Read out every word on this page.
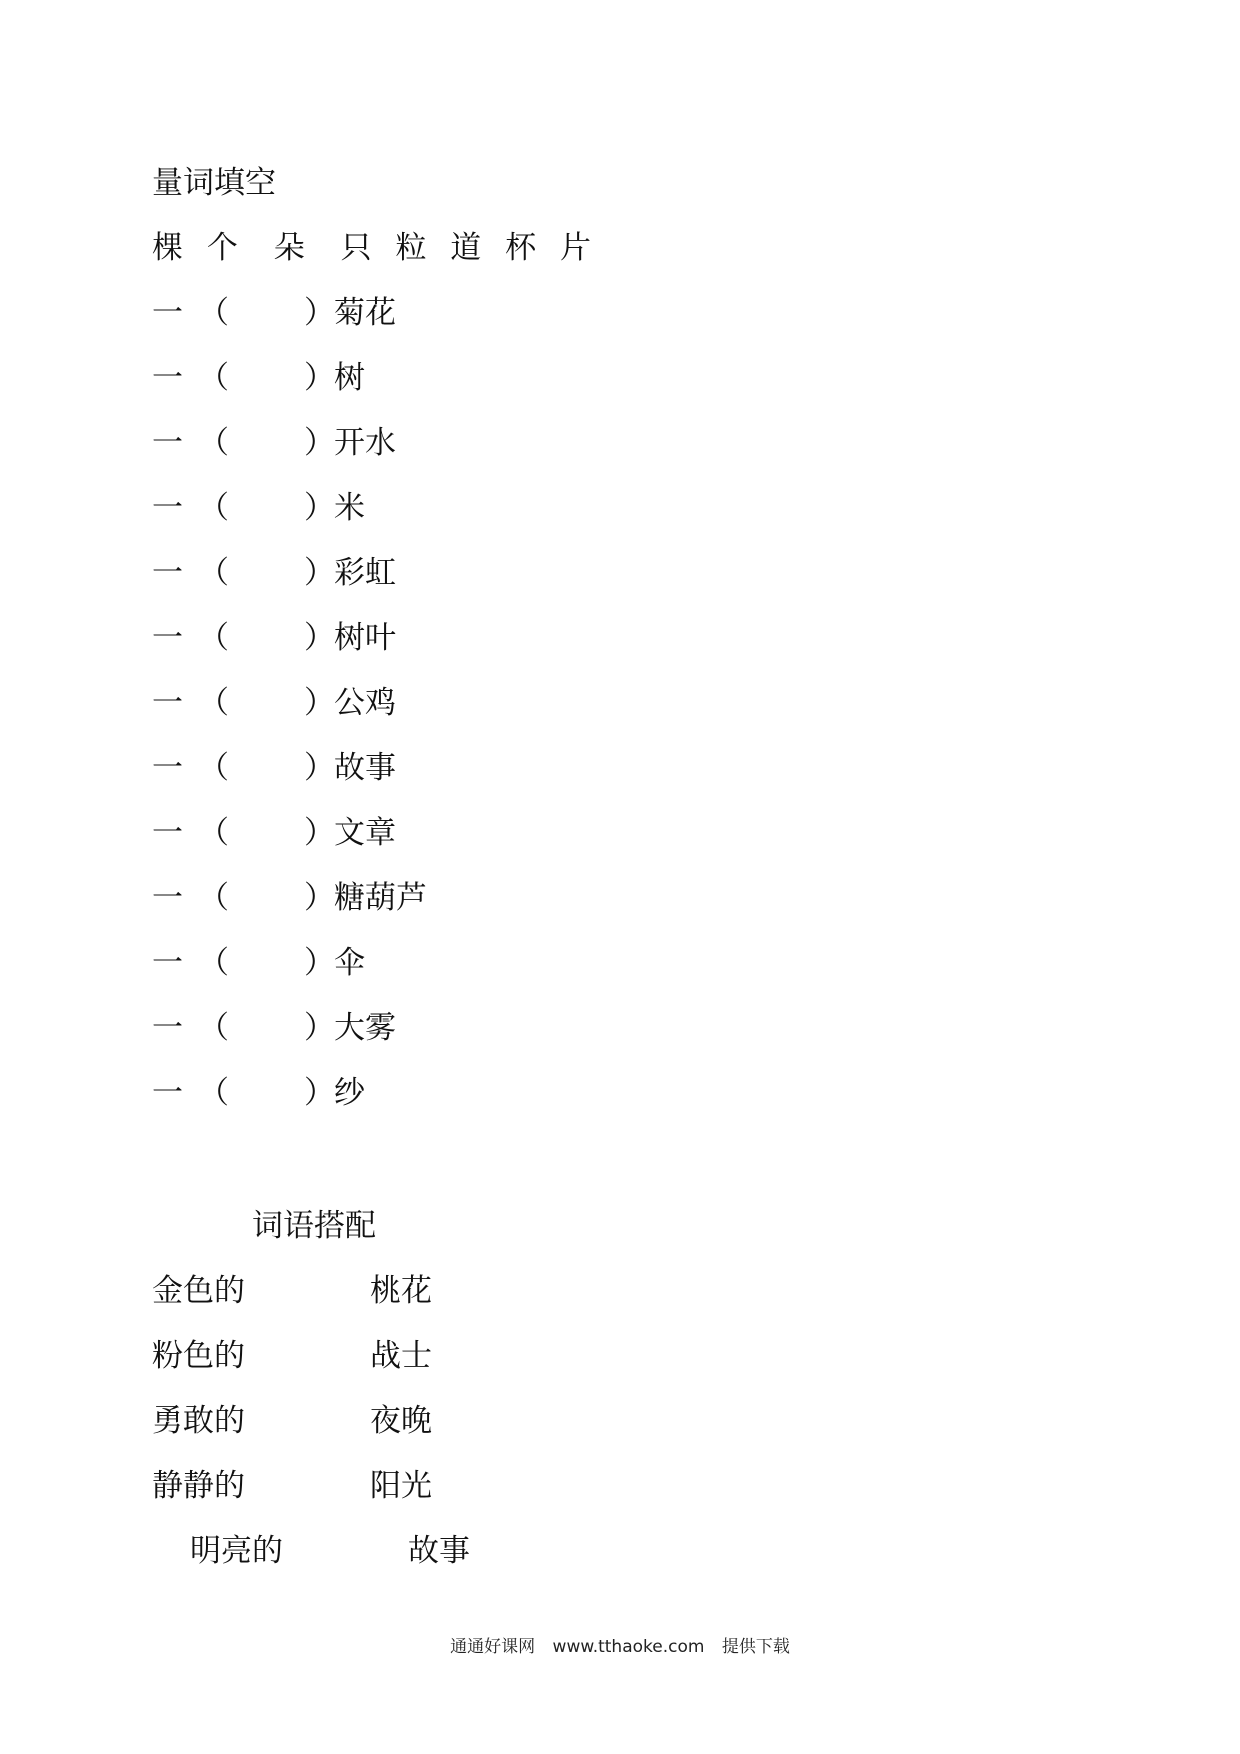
量词填空
棵 个 朵 只 粒 道 杯 片
一 （ ） 菊花
一 （ ） 树
一 （ ） 开水
一 （ ） 米
一 （ ） 彩虹
一 （ ） 树叶
一 （ ） 公鸡
一 （ ） 故事
一 （ ） 文章
一 （ ） 糖葫芦
一 （ ） 伞
一 （ ） 大雾
一 （ ） 纱
词语搭配
金色的	桃花
粉色的	战士
勇敢的	夜晚
静静的	阳光
明亮的	故事
通通好课网 www.tthaoke.com 提供下载
